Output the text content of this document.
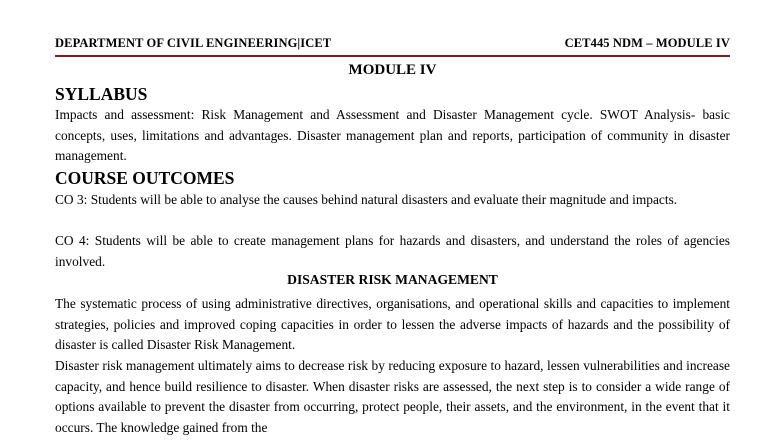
DEPARTMENT OF CIVIL ENGINEERING|ICET	CET445 NDM – MODULE IV
MODULE IV
SYLLABUS
Impacts and assessment: Risk Management and Assessment and Disaster Management cycle. SWOT Analysis- basic concepts, uses, limitations and advantages. Disaster management plan and reports, participation of community in disaster management.
COURSE OUTCOMES
CO 3: Students will be able to analyse the causes behind natural disasters and evaluate their magnitude and impacts.
CO 4: Students will be able to create management plans for hazards and disasters, and understand the roles of agencies involved.
DISASTER RISK MANAGEMENT
The systematic process of using administrative directives, organisations, and operational skills and capacities to implement strategies, policies and improved coping capacities in order to lessen the adverse impacts of hazards and the possibility of disaster is called Disaster Risk Management.
Disaster risk management ultimately aims to decrease risk by reducing exposure to hazard, lessen vulnerabilities and increase capacity, and hence build resilience to disaster. When disaster risks are assessed, the next step is to consider a wide range of options available to prevent the disaster from occurring, protect people, their assets, and the environment, in the event that it occurs. The knowledge gained from the
